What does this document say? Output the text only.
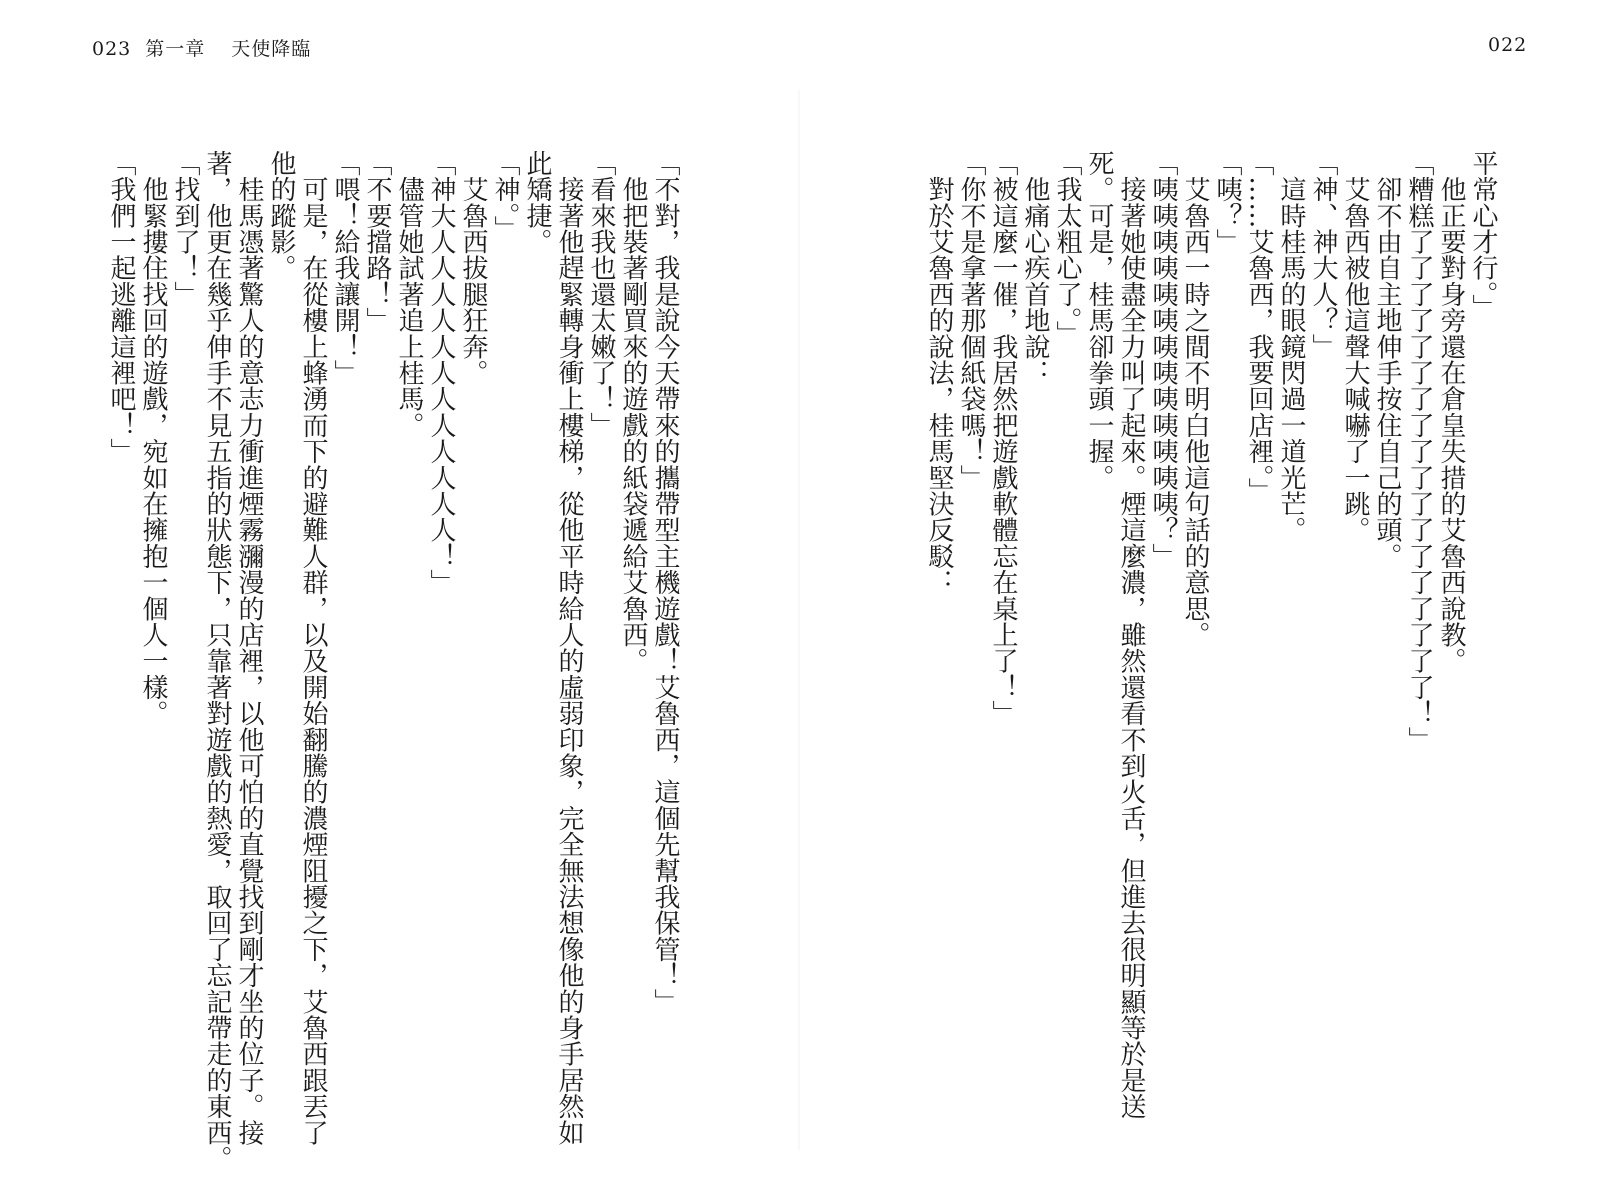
023 第一章 天使降臨	022
平常心才行。」
　他正要對身旁還在倉皇失措的艾魯西說教。
「糟糕了了了了了了了了了了了了了了了了了了！」
　卻不由自主地伸手按住自己的頭。
　艾魯西被他這聲大喊嚇了一跳。
「神、神大人？」
　這時桂馬的眼鏡閃過一道光芒。
「……艾魯西，我要回店裡。」
「咦？」
　艾魯西一時之間不明白他這句話的意思。
「咦咦咦咦咦咦咦咦咦咦咦咦咦？」
　接著她使盡全力叫了起來。煙這麼濃，雖然還看不到火舌，但進去很明顯等於是送
死。可是，桂馬卻拳頭一握。
「我太粗心了。」
　他痛心疾首地說：
「被這麼一催，我居然把遊戲軟體忘在桌上了！」
「你不是拿著那個紙袋嗎！」
　對於艾魯西的說法，桂馬堅決反駁：
「不對，我是說今天帶來的攜帶型主機遊戲！艾魯西，這個先幫我保管！」
　他把裝著剛買來的遊戲的紙袋遞給艾魯西。
「看來我也還太嫩了！」
　接著他趕緊轉身衝上樓梯，從他平時給人的虛弱印象，完全無法想像他的身手居然如
此矯捷。
「神。」
　艾魯西拔腿狂奔。
「神大人人人人人人人人人人人人！」
　儘管她試著追上桂馬。
「不要擋路！」
「喂！給我讓開！」
　可是，在從樓上蜂湧而下的避難人群，以及開始翻騰的濃煙阻擾之下，艾魯西跟丟了
他的蹤影。
　桂馬憑著驚人的意志力衝進煙霧瀰漫的店裡，以他可怕的直覺找到剛才坐的位子。接
著，他更在幾乎伸手不見五指的狀態下，只靠著對遊戲的熱愛，取回了忘記帶走的東西。
「找到了！」
　他緊摟住找回的遊戲，宛如在擁抱一個人一樣。
「我們一起逃離這裡吧！」
